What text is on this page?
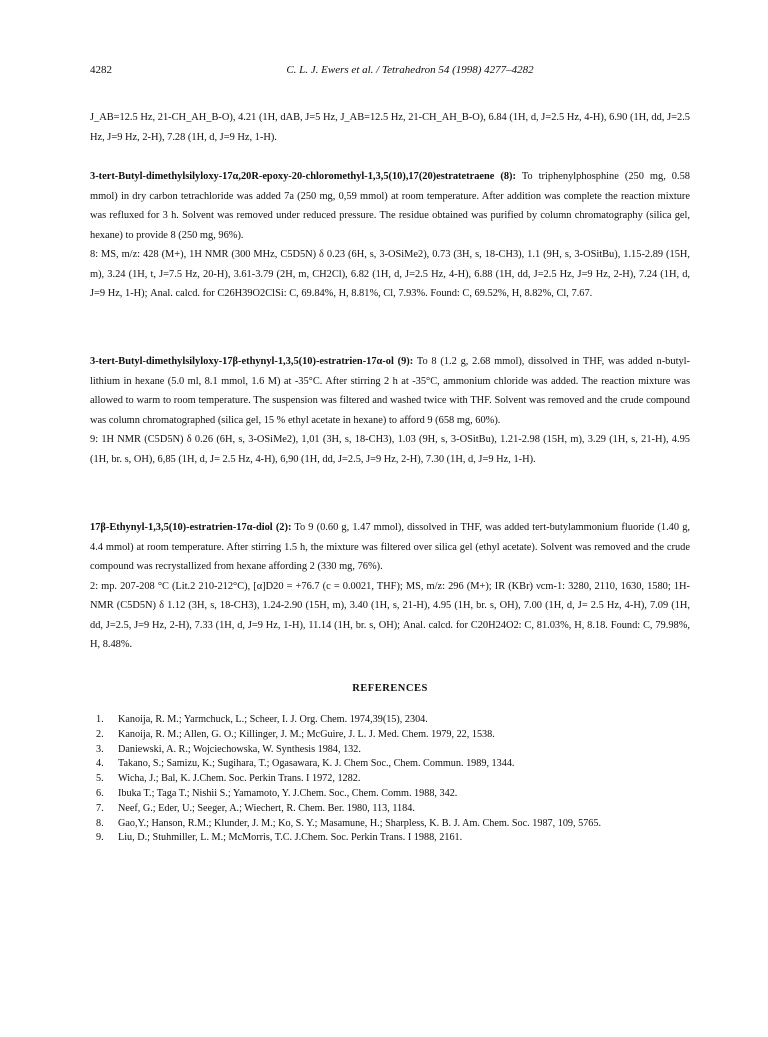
4282	C. L. J. Ewers et al. / Tetrahedron 54 (1998) 4277–4282

J_AB=12.5 Hz, 21-CH_AH_B-O), 4.21 (1H, dAB, J=5 Hz, J_AB=12.5 Hz, 21-CH_AH_B-O), 6.84 (1H, d, J=2.5 Hz, 4-H), 6.90 (1H, dd, J=2.5 Hz, J=9 Hz, 2-H), 7.28 (1H, d, J=9 Hz, 1-H).

3-tert-Butyl-dimethylsilyloxy-17α,20R-epoxy-20-chloromethyl-1,3,5(10),17(20)estratetraene (8): To triphenylphosphine (250 mg, 0.58 mmol) in dry carbon tetrachloride was added 7a (250 mg, 0,59 mmol) at room temperature. After addition was complete the reaction mixture was refluxed for 3 h. Solvent was removed under reduced pressure. The residue obtained was purified by column chromatography (silica gel, hexane) to provide 8 (250 mg, 96%).

8: MS, m/z: 428 (M+), 1H NMR (300 MHz, C5D5N) δ 0.23 (6H, s, 3-OSiMe2), 0.73 (3H, s, 18-CH3), 1.1 (9H, s, 3-OSitBu), 1.15-2.89 (15H, m), 3.24 (1H, t, J=7.5 Hz, 20-H), 3.61-3.79 (2H, m, CH2Cl), 6.82 (1H, d, J=2.5 Hz, 4-H), 6.88 (1H, dd, J=2.5 Hz, J=9 Hz, 2-H), 7.24 (1H, d, J=9 Hz, 1-H); Anal. calcd. for C26H39O2ClSi: C, 69.84%, H, 8.81%, Cl, 7.93%. Found: C, 69.52%, H, 8.82%, Cl, 7.67.

3-tert-Butyl-dimethylsilyloxy-17β-ethynyl-1,3,5(10)-estratrien-17α-ol (9): To 8 (1.2 g, 2.68 mmol), dissolved in THF, was added n-butyl-lithium in hexane (5.0 ml, 8.1 mmol, 1.6 M) at -35°C. After stirring 2 h at -35°C, ammonium chloride was added. The reaction mixture was allowed to warm to room temperature. The suspension was filtered and washed twice with THF. Solvent was removed and the crude compound was column chromatographed (silica gel, 15 % ethyl acetate in hexane) to afford 9 (658 mg, 60%).

9: 1H NMR (C5D5N) δ 0.26 (6H, s, 3-OSiMe2), 1,01 (3H, s, 18-CH3), 1.03 (9H, s, 3-OSitBu), 1.21-2.98 (15H, m), 3.29 (1H, s, 21-H), 4.95 (1H, br. s, OH), 6,85 (1H, d, J= 2.5 Hz, 4-H), 6,90 (1H, dd, J=2.5, J=9 Hz, 2-H), 7.30 (1H, d, J=9 Hz, 1-H).

17β-Ethynyl-1,3,5(10)-estratrien-17α-diol (2): To 9 (0.60 g, 1.47 mmol), dissolved in THF, was added tert-butylammonium fluoride (1.40 g, 4.4 mmol) at room temperature. After stirring 1.5 h, the mixture was filtered over silica gel (ethyl acetate). Solvent was removed and the crude compound was recrystallized from hexane affording 2 (330 mg, 76%).

2: mp. 207-208 °C (Lit.2 210-212°C), [α]D20 = +76.7 (c = 0.0021, THF); MS, m/z: 296 (M+); IR (KBr) νcm-1: 3280, 2110, 1630, 1580; 1H-NMR (C5D5N) δ 1.12 (3H, s, 18-CH3), 1.24-2.90 (15H, m), 3.40 (1H, s, 21-H), 4.95 (1H, br. s, OH), 7.00 (1H, d, J= 2.5 Hz, 4-H), 7.09 (1H, dd, J=2.5, J=9 Hz, 2-H), 7.33 (1H, d, J=9 Hz, 1-H), 11.14 (1H, br. s, OH); Anal. calcd. for C20H24O2: C, 81.03%, H, 8.18. Found: C, 79.98%, H, 8.48%.

REFERENCES
1.	Kanoija, R. M.; Yarmchuck, L.; Scheer, I. J. Org. Chem. 1974,39(15), 2304.
2.	Kanoija, R. M.; Allen, G. O.; Killinger, J. M.; McGuire, J. L. J. Med. Chem. 1979, 22, 1538.
3.	Daniewski, A. R.; Wojciechowska, W. Synthesis 1984, 132.
4.	Takano, S.; Samizu, K.; Sugihara, T.; Ogasawara, K. J. Chem Soc., Chem. Commun. 1989, 1344.
5.	Wicha, J.; Bal, K. J.Chem. Soc. Perkin Trans. I 1972, 1282.
6.	Ibuka T.; Taga T.; Nishii S.; Yamamoto, Y. J.Chem. Soc., Chem. Comm. 1988, 342.
7.	Neef, G.; Eder, U.; Seeger, A.; Wiechert, R. Chem. Ber. 1980, 113, 1184.
8.	Gao,Y.; Hanson, R.M.; Klunder, J. M.; Ko, S. Y.; Masamune, H.; Sharpless, K. B. J. Am. Chem. Soc. 1987, 109, 5765.
9.	Liu, D.; Stuhmiller, L. M.; McMorris, T.C. J.Chem. Soc. Perkin Trans. I 1988, 2161.
